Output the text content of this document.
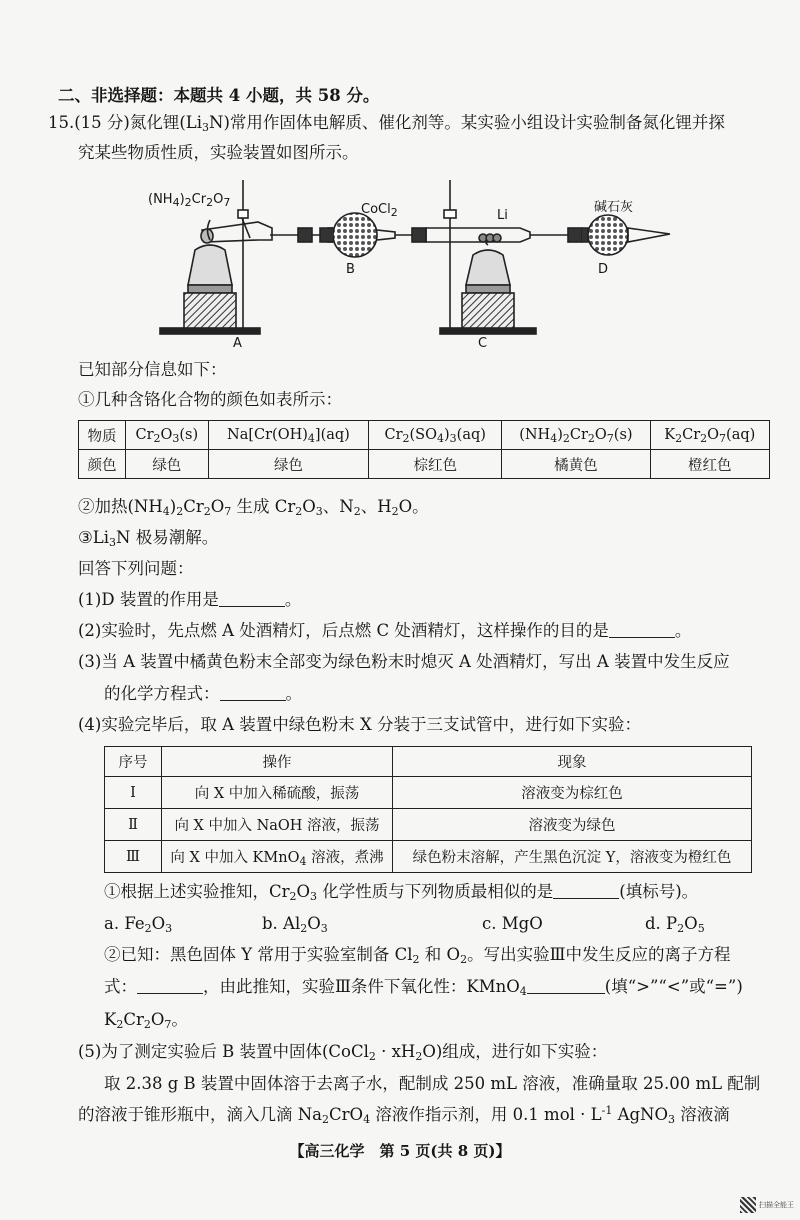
二、非选择题：本题共 4 小题，共 58 分。
15.(15 分)氮化锂$(Li_3N)$常用作固体电解质、催化剂等。某实验小组设计实验制备氮化锂并探
究某些物质性质，实验装置如图所示。
$(NH_4)_2Cr_2O_7$	CoCl$_2$	Li
碱石灰
A
B
C
D
已知部分信息如下：
①几种含铬化合物的颜色如表所示：
物质	$Cr_2O_3(s)$	$Na[Cr(OH)_4](aq)$	$Cr_2(SO_4)_3(aq)$	$(NH_4)_2Cr_2O_7(s)$	$K_2Cr_2O_7(aq)$
颜色	绿色	绿色	棕红色	橘黄色	橙红色
②加热$(NH_4)_2Cr_2O_7$ 生成 $Cr_2O_3$、$N_2$、$H_2O$。
$③Li_3N$ 极易潮解。
回答下列问题：
(1)D 装置的作用是	。
(2)实验时，先点燃 A 处酒精灯，后点燃 C 处酒精灯，这样操作的目的是	。
(3)当 A 装置中橘黄色粉末全部变为绿色粉末时熄灭 A 处酒精灯，写出 A 装置中发生反应
的化学方程式：	。
(4)实验完毕后，取 A 装置中绿色粉末 X 分装于三支试管中，进行如下实验：
序号	操作	现象
Ⅰ	向 X 中加入稀硫酸，振荡	溶液变为棕红色
Ⅱ	向 X 中加入 NaOH 溶液，振荡	溶液变为绿色
Ⅲ	向 X 中加入 KMnO$_4$ 溶液，煮沸	绿色粉末溶解，产生黑色沉淀 Y，溶液变为橙红色
①根据上述实验推知，$Cr_2O_3$ 化学性质与下列物质最相似的是	(填标号)。
a. $Fe_2O_3$	b. $Al_2O_3$	c. MgO	d. $P_2O_5$
②已知：黑色固体 Y 常用于实验室制备 $Cl_2$ 和 $O_2$。写出实验Ⅲ中发生反应的离子方程
式：	，由此推知，实验Ⅲ条件下氧化性：KMnO$_4$	(填“>”“<”或“=”)
$K_2Cr_2O_7$。
(5)为了测定实验后 B 装置中固体(CoCl$_2$ · $xH_2O$)组成，进行如下实验：
取 2.38 g B 装置中固体溶于去离子水，配制成 250 mL 溶液，准确量取 25.00 mL 配制
的溶液于锥形瓶中，滴入几滴 $Na_2CrO_4$ 溶液作指示剂，用 0.1 mol · $L^{-1}$ AgNO$_3$ 溶液滴
【高三化学　第 5 页(共 8 页)】
扫描全能王
